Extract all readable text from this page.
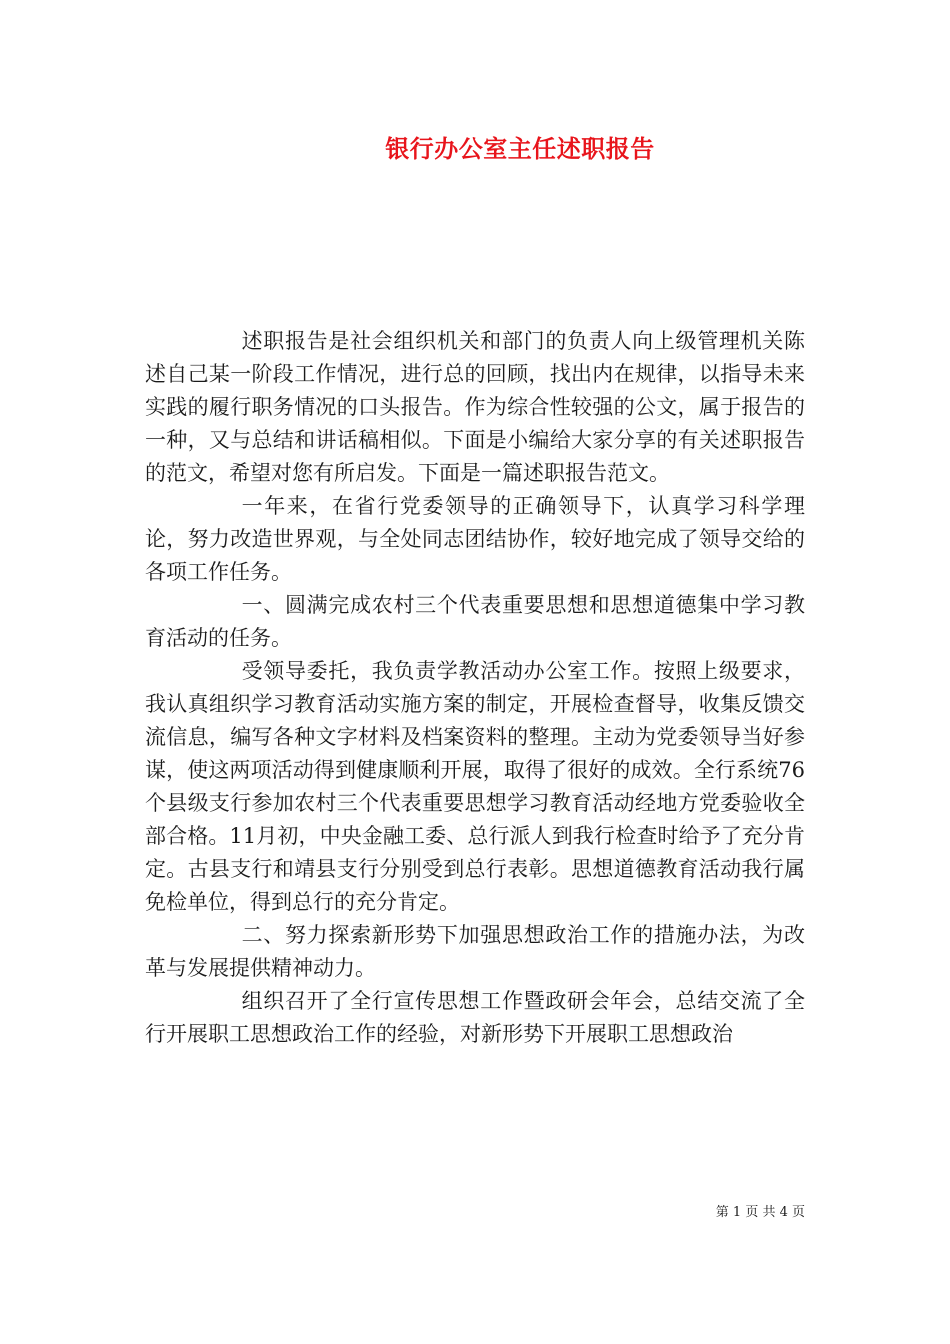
银行办公室主任述职报告

述职报告是社会组织机关和部门的负责人向上级管理机关陈述自己某一阶段工作情况，进行总的回顾，找出内在规律，以指导未来实践的履行职务情况的口头报告。作为综合性较强的公文，属于报告的一种，又与总结和讲话稿相似。下面是小编给大家分享的有关述职报告的范文，希望对您有所启发。下面是一篇述职报告范文。

一年来，在省行党委领导的正确领导下，认真学习科学理论，努力改造世界观，与全处同志团结协作，较好地完成了领导交给的各项工作任务。

一、圆满完成农村三个代表重要思想和思想道德集中学习教育活动的任务。

受领导委托，我负责学教活动办公室工作。按照上级要求，我认真组织学习教育活动实施方案的制定，开展检查督导，收集反馈交流信息，编写各种文字材料及档案资料的整理。主动为党委领导当好参谋，使这两项活动得到健康顺利开展，取得了很好的成效。全行系统76个县级支行参加农村三个代表重要思想学习教育活动经地方党委验收全部合格。11月初，中央金融工委、总行派人到我行检查时给予了充分肯定。古县支行和靖县支行分别受到总行表彰。思想道德教育活动我行属免检单位，得到总行的充分肯定。

二、努力探索新形势下加强思想政治工作的措施办法，为改革与发展提供精神动力。

组织召开了全行宣传思想工作暨政研会年会，总结交流了全行开展职工思想政治工作的经验，对新形势下开展职工思想政治

第 1 页 共 4 页
